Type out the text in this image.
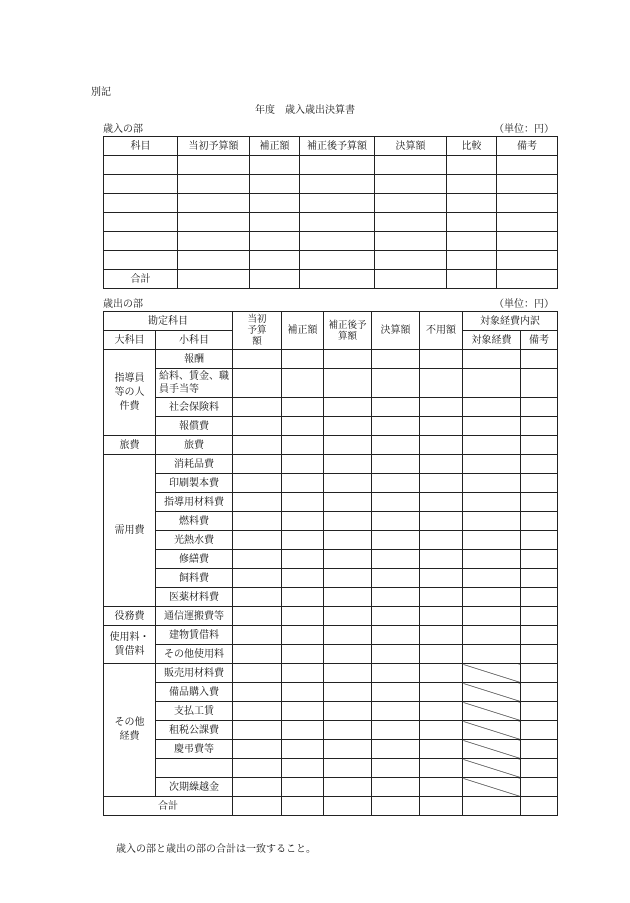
別記
年度　歳入歳出決算書
歳入の部	（単位：円）
科目	当初予算額	補正額	補正後予算額	決算額	比較	備考

合計						
歳出の部	（単位：円）
勘定科目		当初予算額	補正額	補正後予算額	決算額	不用額	対象経費内訳	
大科目	小科目						対象経費	備考
指導員等の人件費	報酬							
	給料、賃金、職員手当等							
	社会保険料							
	報償費							
旅費	旅費							
需用費	消耗品費							
	印刷製本費							
	指導用材料費							
	燃料費							
	光熱水費							
	修繕費							
	飼料費							
	医薬材料費							
役務費	通信運搬費等							
使用料・賃借料	建物賃借料							
	その他使用料							
その他経費	販売用材料費							
	備品購入費							
	支払工賃							
	租税公課費							
	慶弔費等							

	次期繰越金							
合計								
歳入の部と歳出の部の合計は一致すること。
